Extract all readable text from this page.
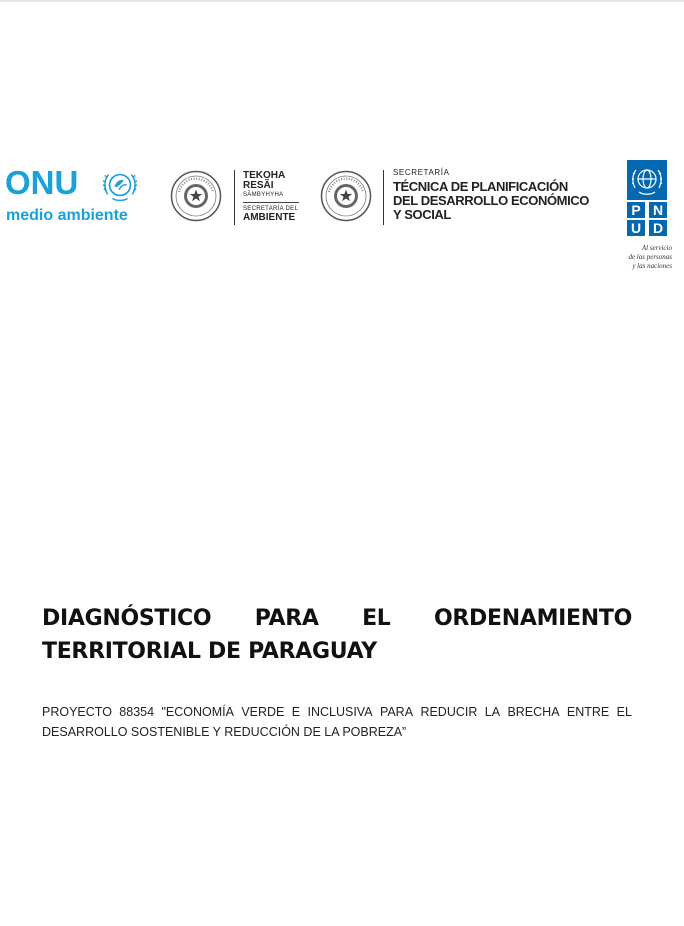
ONU
medio ambiente
TEKOHA
RESÃI
SÃMBYHYHA
SECRETARÍA DEL
AMBIENTE
SECRETARÍA
TÉCNICA DE PLANIFICACIÓN
DEL DESARROLLO ECONÓMICO
Y SOCIAL	P N
U D
Al servicio
de las personas
y las naciones
DIAGNÓSTICO PARA EL ORDENAMIENTO
TERRITORIAL DE PARAGUAY
PROYECTO 88354 "ECONOMÍA VERDE E INCLUSIVA PARA REDUCIR LA BRECHA ENTRE EL
DESARROLLO SOSTENIBLE Y REDUCCIÓN DE LA POBREZA”
